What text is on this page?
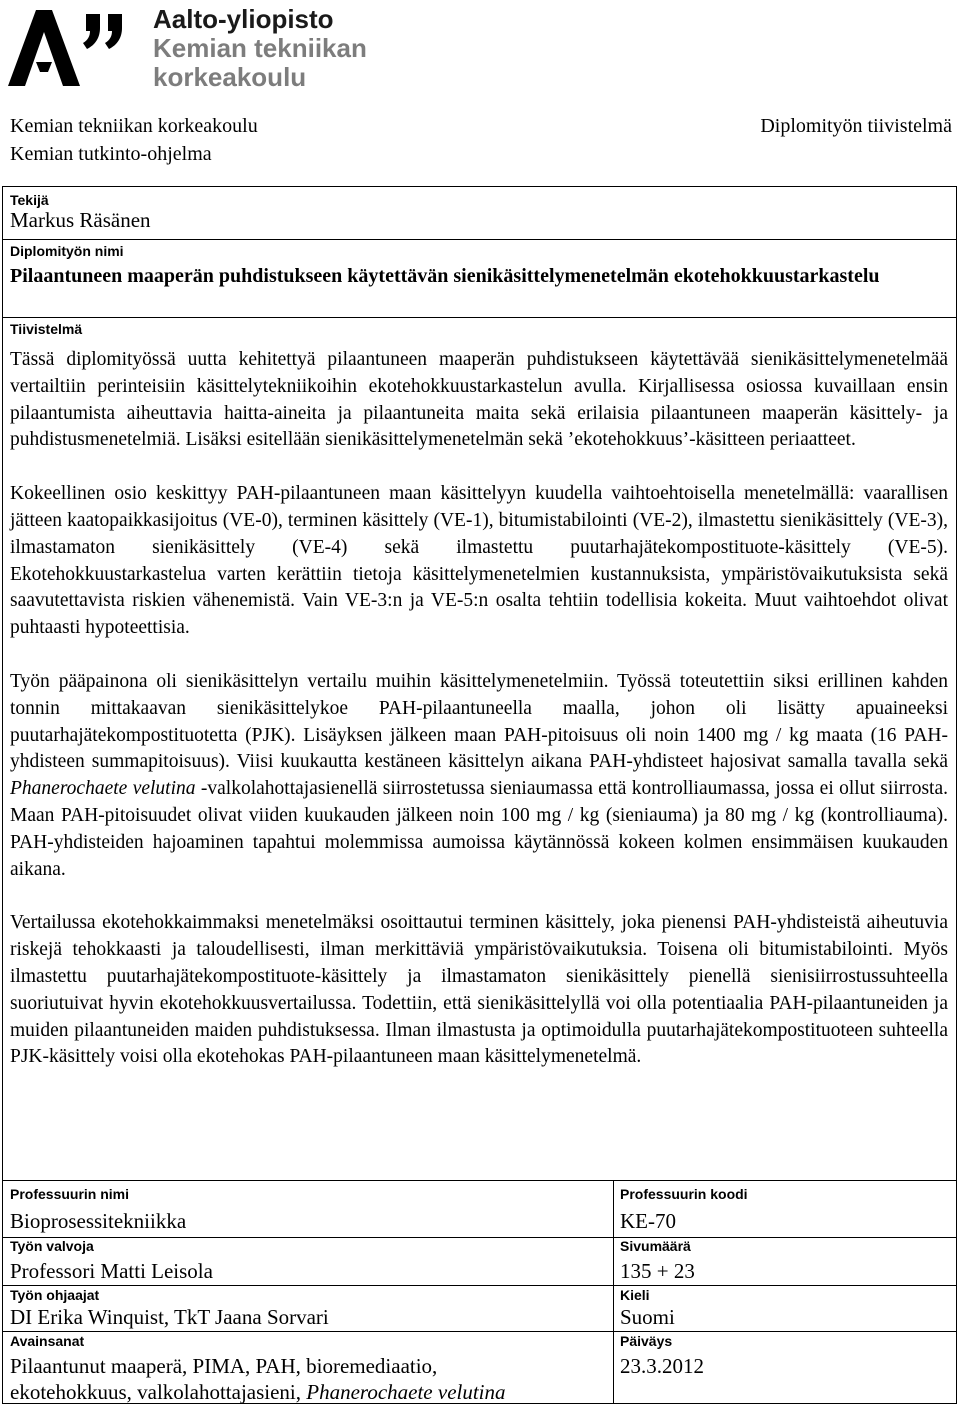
Aalto-yliopisto
Kemian tekniikan
korkeakoulu
Kemian tekniikan korkeakoulu
Kemian tutkinto-ohjelma
Diplomityön tiivistelmä
Tekijä
Markus Räsänen
Diplomityön nimi
Pilaantuneen maaperän puhdistukseen käytettävän sienikäsittelymenetelmän ekotehokkuustarkastelu
Tiivistelmä

Tässä diplomityössä uutta kehitettyä pilaantuneen maaperän puhdistukseen käytettävää sienikäsittelymenetelmää vertailtiin perinteisiin käsittelytekniikoihin ekotehokkuustarkastelun avulla. Kirjallisessa osiossa kuvaillaan ensin pilaantumista aiheuttavia haitta-aineita ja pilaantuneita maita sekä erilaisia pilaantuneen maaperän käsittely- ja puhdistusmenetelmiä. Lisäksi esitellään sienikäsittelymenetelmän sekä ’ekotehokkuus’-käsitteen periaatteet.

Kokeellinen osio keskittyy PAH-pilaantuneen maan käsittelyyn kuudella vaihtoehtoisella menetelmällä: vaarallisen jätteen kaatopaikkasijoitus (VE-0), terminen käsittely (VE-1), bitumistabilointi (VE-2), ilmastettu sienikäsittely (VE-3), ilmastamaton sienikäsittely (VE-4) sekä ilmastettu puutarhajätekompostituote-käsittely (VE-5). Ekotehokkuustarkastelua varten kerättiin tietoja käsittelymenetelmien kustannuksista, ympäristövaikutuksista sekä saavutettavista riskien vähenemistä. Vain VE-3:n ja VE-5:n osalta tehtiin todellisia kokeita. Muut vaihtoehdot olivat puhtaasti hypoteettisia.

Työn pääpainona oli sienikäsittelyn vertailu muihin käsittelymenetelmiin. Työssä toteutettiin siksi erillinen kahden tonnin mittakaavan sienikäsittelykoe PAH-pilaantuneella maalla, johon oli lisätty apuaineeksi puutarhajätekompostituotetta (PJK). Lisäyksen jälkeen maan PAH-pitoisuus oli noin 1400 mg / kg maata (16 PAH-yhdisteen summapitoisuus). Viisi kuukautta kestäneen käsittelyn aikana PAH-yhdisteet hajosivat samalla tavalla sekä Phanerochaete velutina -valkolahottajasienellä siirrostetussa sieniaumassa että kontrolliaumassa, jossa ei ollut siirrosta. Maan PAH-pitoisuudet olivat viiden kuukauden jälkeen noin 100 mg / kg (sieniauma) ja 80 mg / kg (kontrolliauma). PAH-yhdisteiden hajoaminen tapahtui molemmissa aumoissa käytännössä kokeen kolmen ensimmäisen kuukauden aikana.

Vertailussa ekotehokkaimmaksi menetelmäksi osoittautui terminen käsittely, joka pienensi PAH-yhdisteistä aiheutuvia riskejä tehokkaasti ja taloudellisesti, ilman merkittäviä ympäristövaikutuksia. Toisena oli bitumistabilointi. Myös ilmastettu puutarhajätekompostituote-käsittely ja ilmastamaton sienikäsittely pienellä sienisiirrostussuhteella suoriutuivat hyvin ekotehokkuusvertailussa. Todettiin, että sienikäsittelyllä voi olla potentiaalia PAH-pilaantuneiden ja muiden pilaantuneiden maiden puhdistuksessa. Ilman ilmastusta ja optimoidulla puutarhajätekompostituoteen suhteella PJK-käsittely voisi olla ekotehokas PAH-pilaantuneen maan käsittelymenetelmä.

Professuurin nimi
Bioprosessitekniikka
Professuurin koodi
KE-70
Työn valvoja
Professori Matti Leisola
Sivumäärä
135 + 23
Työn ohjaajat
DI Erika Winquist, TkT Jaana Sorvari
Kieli
Suomi
Avainsanat
Pilaantunut maaperä, PIMA, PAH, bioremediaatio,
ekotehokkuus, valkolahottajasieni, Phanerochaete velutina
Päiväys
23.3.2012
